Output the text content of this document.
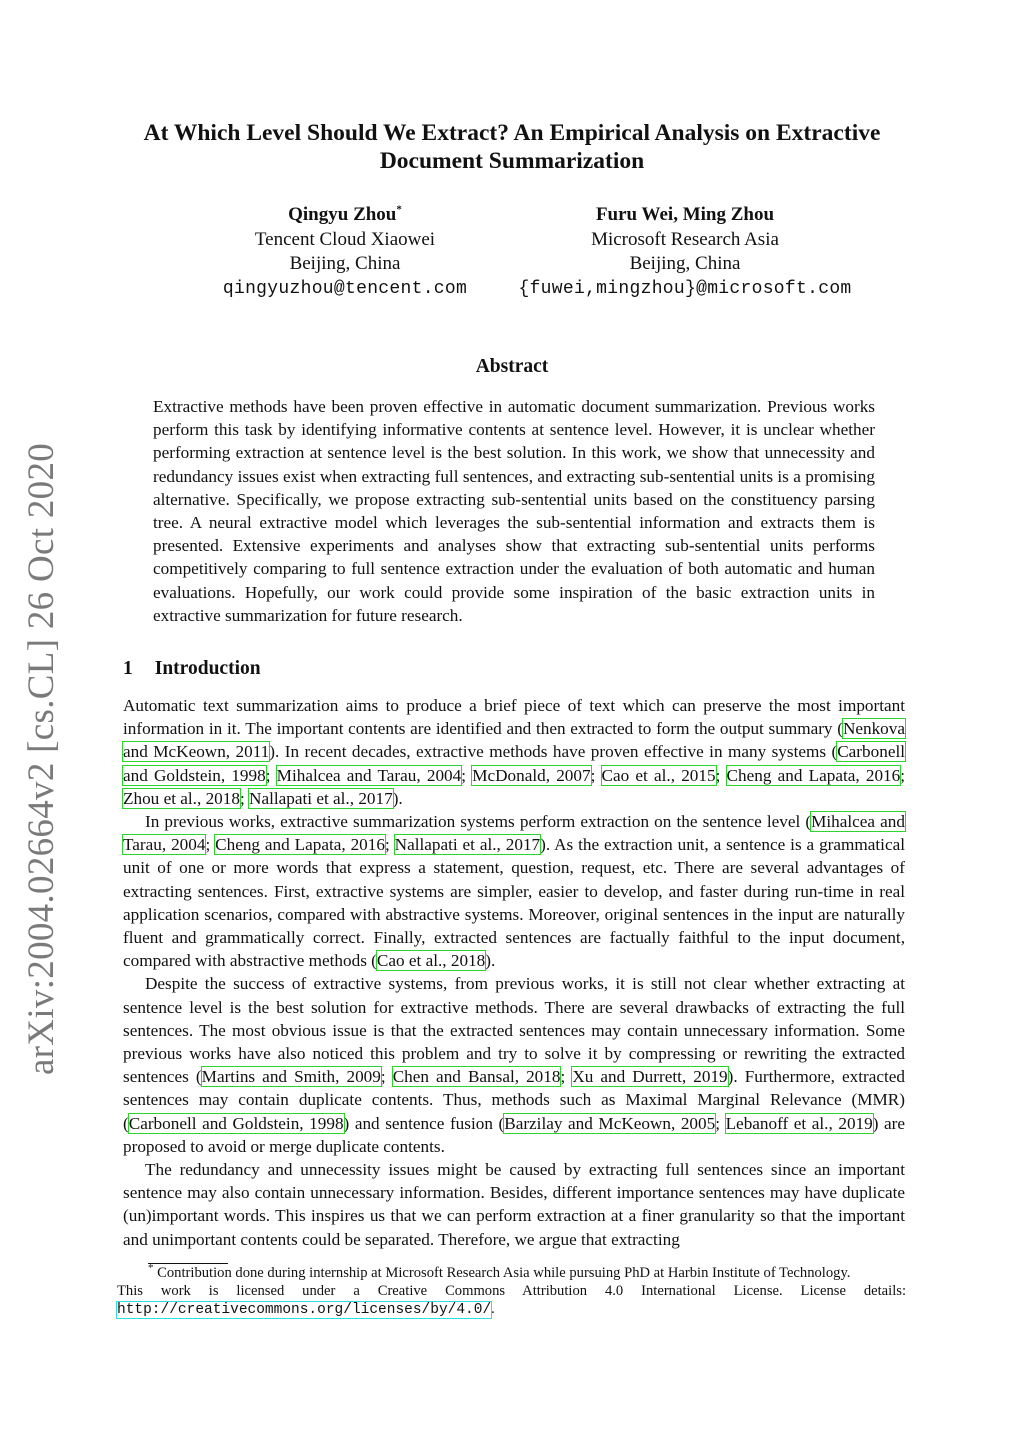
arXiv:2004.02664v2 [cs.CL] 26 Oct 2020
At Which Level Should We Extract? An Empirical Analysis on Extractive
Document Summarization
Qingyu Zhou*
Tencent Cloud Xiaowei
Beijing, China
qingyuzhou@tencent.com
Furu Wei, Ming Zhou
Microsoft Research Asia
Beijing, China
{fuwei,mingzhou}@microsoft.com
Abstract
Extractive methods have been proven effective in automatic document summarization. Previous works perform this task by identifying informative contents at sentence level. However, it is unclear whether performing extraction at sentence level is the best solution. In this work, we show that unnecessity and redundancy issues exist when extracting full sentences, and extracting sub-sentential units is a promising alternative. Specifically, we propose extracting sub-sentential units based on the constituency parsing tree. A neural extractive model which leverages the sub-sentential information and extracts them is presented. Extensive experiments and analyses show that extracting sub-sentential units performs competitively comparing to full sentence extraction under the evaluation of both automatic and human evaluations. Hopefully, our work could provide some inspiration of the basic extraction units in extractive summarization for future research.
1 Introduction

Automatic text summarization aims to produce a brief piece of text which can preserve the most important information in it. The important contents are identified and then extracted to form the output summary (Nenkova and McKeown, 2011). In recent decades, extractive methods have proven effective in many systems (Carbonell and Goldstein, 1998; Mihalcea and Tarau, 2004; McDonald, 2007; Cao et al., 2015; Cheng and Lapata, 2016; Zhou et al., 2018; Nallapati et al., 2017).

In previous works, extractive summarization systems perform extraction on the sentence level (Mihalcea and Tarau, 2004; Cheng and Lapata, 2016; Nallapati et al., 2017). As the extraction unit, a sentence is a grammatical unit of one or more words that express a statement, question, request, etc. There are several advantages of extracting sentences. First, extractive systems are simpler, easier to develop, and faster during run-time in real application scenarios, compared with abstractive systems. Moreover, original sentences in the input are naturally fluent and grammatically correct. Finally, extracted sentences are factually faithful to the input document, compared with abstractive methods (Cao et al., 2018).

Despite the success of extractive systems, from previous works, it is still not clear whether extracting at sentence level is the best solution for extractive methods. There are several drawbacks of extracting the full sentences. The most obvious issue is that the extracted sentences may contain unnecessary information. Some previous works have also noticed this problem and try to solve it by compressing or rewriting the extracted sentences (Martins and Smith, 2009; Chen and Bansal, 2018; Xu and Durrett, 2019). Furthermore, extracted sentences may contain duplicate contents. Thus, methods such as Maximal Marginal Relevance (MMR) (Carbonell and Goldstein, 1998) and sentence fusion (Barzilay and McKeown, 2005; Lebanoff et al., 2019) are proposed to avoid or merge duplicate contents.

The redundancy and unnecessity issues might be caused by extracting full sentences since an important sentence may also contain unnecessary information. Besides, different importance sentences may have duplicate (un)important words. This inspires us that we can perform extraction at a finer granularity so that the important and unimportant contents could be separated. Therefore, we argue that extracting

* Contribution done during internship at Microsoft Research Asia while pursuing PhD at Harbin Institute of Technology.
This work is licensed under a Creative Commons Attribution 4.0 International License. License details: http://creativecommons.org/licenses/by/4.0/.
